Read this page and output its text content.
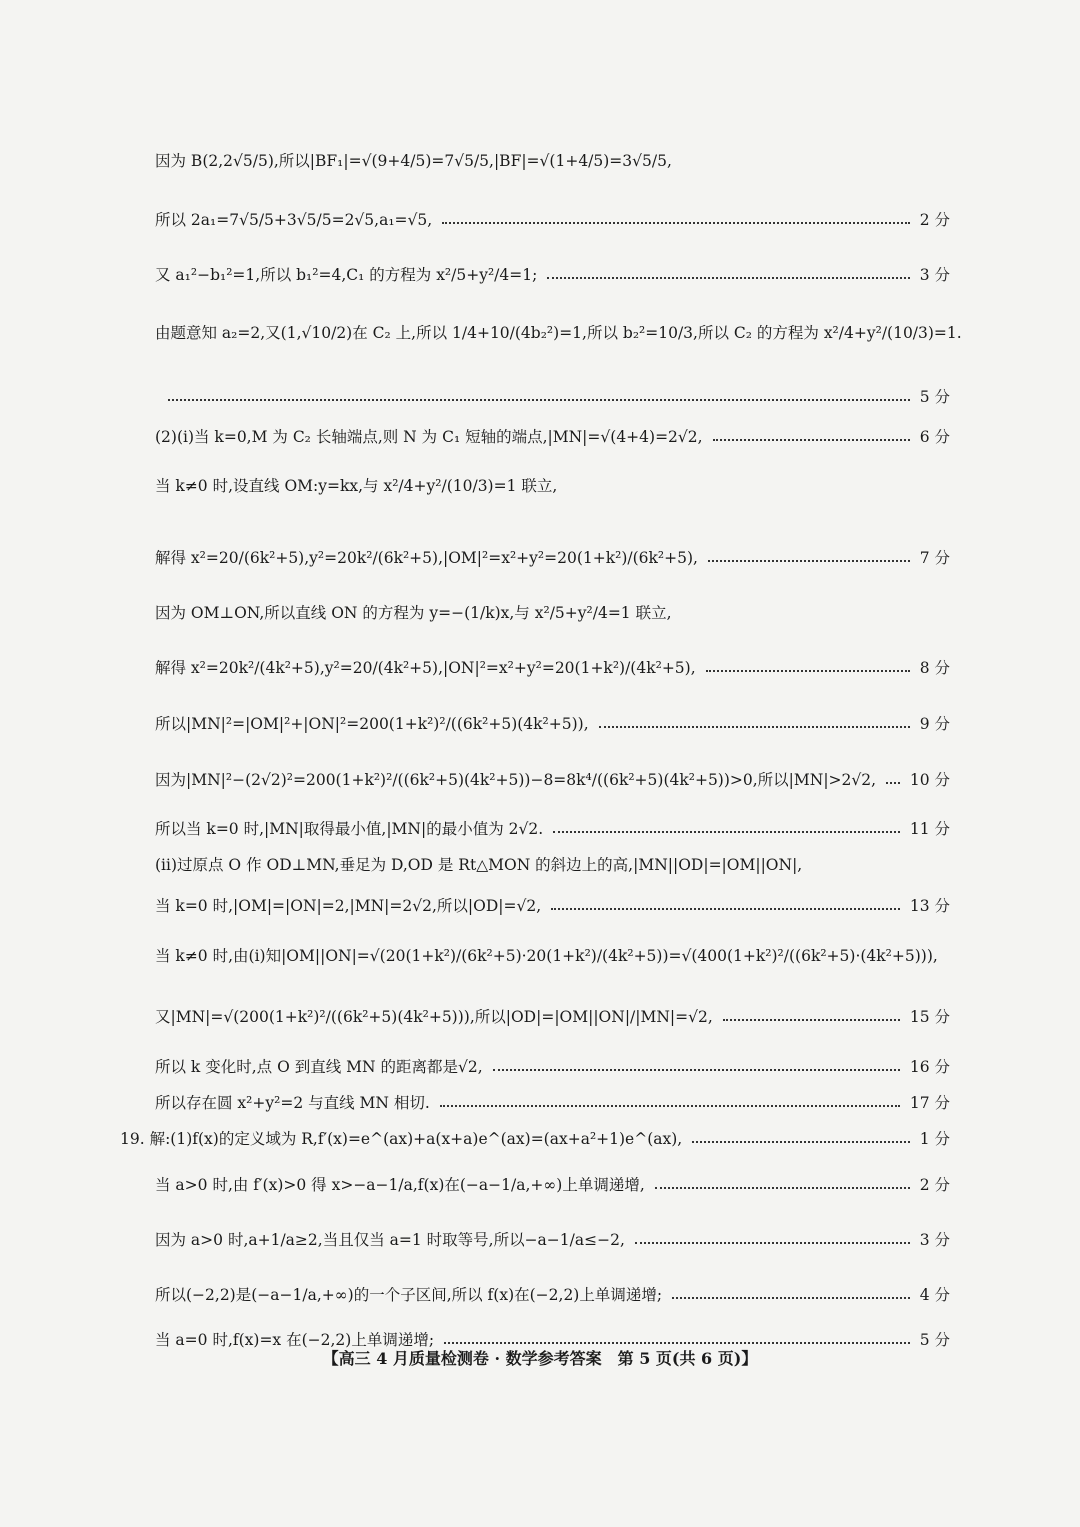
因为 B(2,2√5/5),所以|BF₁|=√(9+4/5)=7√5/5,|BF|=√(1+4/5)=3√5/5,
所以 2a₁=7√5/5+3√5/5=2√5,a₁=√5,	2 分
又 a₁²−b₁²=1,所以 b₁²=4,C₁ 的方程为 x²/5+y²/4=1;	3 分
由题意知 a₂=2,又(1,√10/2)在 C₂ 上,所以 1/4+10/(4b₂²)=1,所以 b₂²=10/3,所以 C₂ 的方程为 x²/4+y²/(10/3)=1.
5 分
(2)(ⅰ)当 k=0,M 为 C₂ 长轴端点,则 N 为 C₁ 短轴的端点,|MN|=√(4+4)=2√2,	6 分
当 k≠0 时,设直线 OM:y=kx,与 x²/4+y²/(10/3)=1 联立,
解得 x²=20/(6k²+5),y²=20k²/(6k²+5),|OM|²=x²+y²=20(1+k²)/(6k²+5),	7 分
因为 OM⊥ON,所以直线 ON 的方程为 y=−(1/k)x,与 x²/5+y²/4=1 联立,
解得 x²=20k²/(4k²+5),y²=20/(4k²+5),|ON|²=x²+y²=20(1+k²)/(4k²+5),	8 分
所以|MN|²=|OM|²+|ON|²=200(1+k²)²/((6k²+5)(4k²+5)),	9 分
因为|MN|²−(2√2)²=200(1+k²)²/((6k²+5)(4k²+5))−8=8k⁴/((6k²+5)(4k²+5))>0,所以|MN|>2√2, 10 分
所以当 k=0 时,|MN|取得最小值,|MN|的最小值为 2√2.	11 分
(ⅱ)过原点 O 作 OD⊥MN,垂足为 D,OD 是 Rt△MON 的斜边上的高,|MN||OD|=|OM||ON|,
当 k=0 时,|OM|=|ON|=2,|MN|=2√2,所以|OD|=√2,	13 分
当 k≠0 时,由(ⅰ)知|OM||ON|=√(20(1+k²)/(6k²+5)·20(1+k²)/(4k²+5))=√(400(1+k²)²/((6k²+5)·(4k²+5))),
又|MN|=√(200(1+k²)²/((6k²+5)(4k²+5))),所以|OD|=|OM||ON|/|MN|=√2,	15 分
所以 k 变化时,点 O 到直线 MN 的距离都是√2,	16 分
所以存在圆 x²+y²=2 与直线 MN 相切.	17 分
19. 解:(1)f(x)的定义域为 R,f′(x)=e^(ax)+a(x+a)e^(ax)=(ax+a²+1)e^(ax),	1 分
当 a>0 时,由 f′(x)>0 得 x>−a−1/a,f(x)在(−a−1/a,+∞)上单调递增,	2 分
因为 a>0 时,a+1/a≥2,当且仅当 a=1 时取等号,所以−a−1/a≤−2,	3 分
所以(−2,2)是(−a−1/a,+∞)的一个子区间,所以 f(x)在(−2,2)上单调递增;	4 分
当 a=0 时,f(x)=x 在(−2,2)上单调递增;	5 分
【高三 4 月质量检测卷 · 数学参考答案　第 5 页(共 6 页)】
